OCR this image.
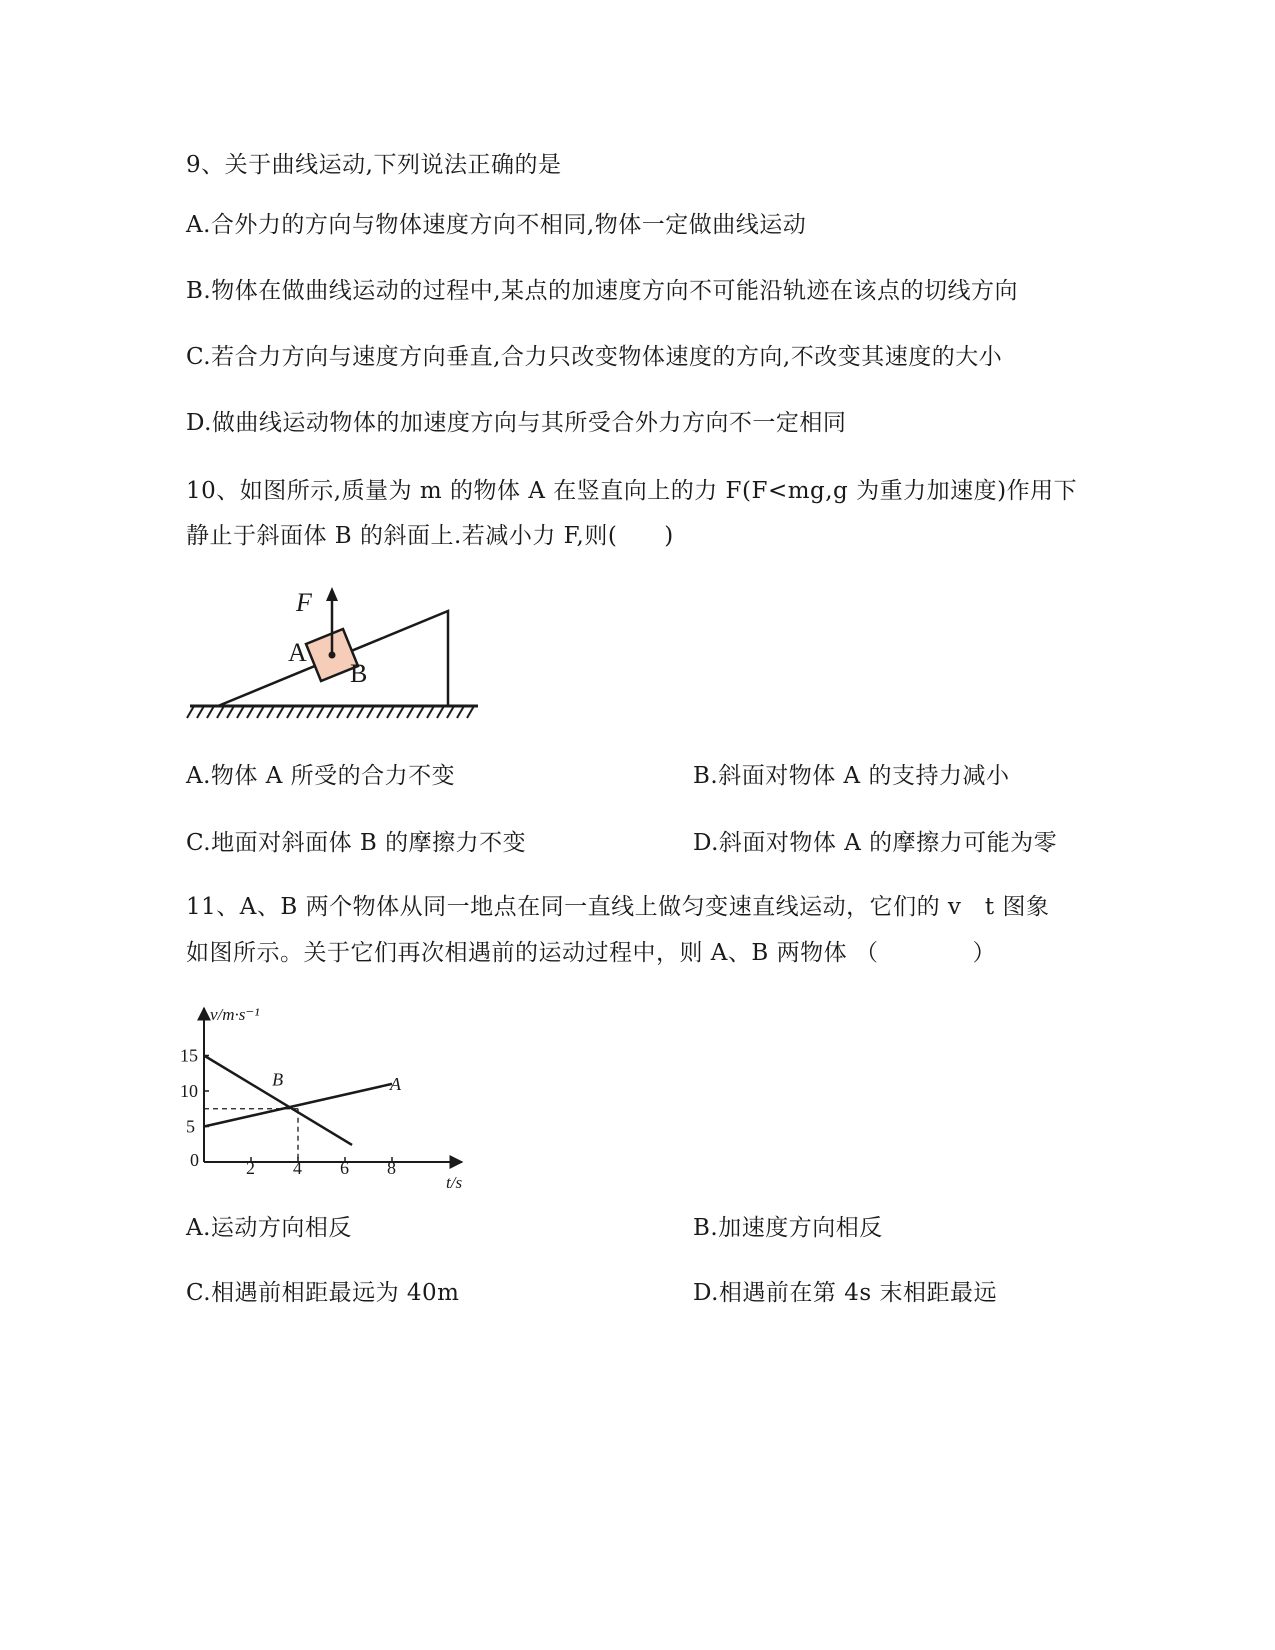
9、关于曲线运动,下列说法正确的是
A.合外力的方向与物体速度方向不相同,物体一定做曲线运动
B.物体在做曲线运动的过程中,某点的加速度方向不可能沿轨迹在该点的切线方向
C.若合力方向与速度方向垂直,合力只改变物体速度的方向,不改变其速度的大小
D.做曲线运动物体的加速度方向与其所受合外力方向不一定相同
10、如图所示,质量为 m 的物体 A 在竖直向上的力 F(F<mg,g 为重力加速度)作用下
静止于斜面体 B 的斜面上.若减小力 F,则(　　)
F
A
B
A.物体 A 所受的合力不变	B.斜面对物体 A 的支持力减小
C.地面对斜面体 B 的摩擦力不变	D.斜面对物体 A 的摩擦力可能为零
11、A、B 两个物体从同一地点在同一直线上做匀变速直线运动，它们的 v　t 图象
如图所示。关于它们再次相遇前的运动过程中，则 A、B 两物体 （　　　　）
v/m·s⁻¹
t/s
0	2 4 6 8
5
10
15
A
B
A.运动方向相反	B.加速度方向相反
C.相遇前相距最远为 40m	D.相遇前在第 4s 末相距最远
